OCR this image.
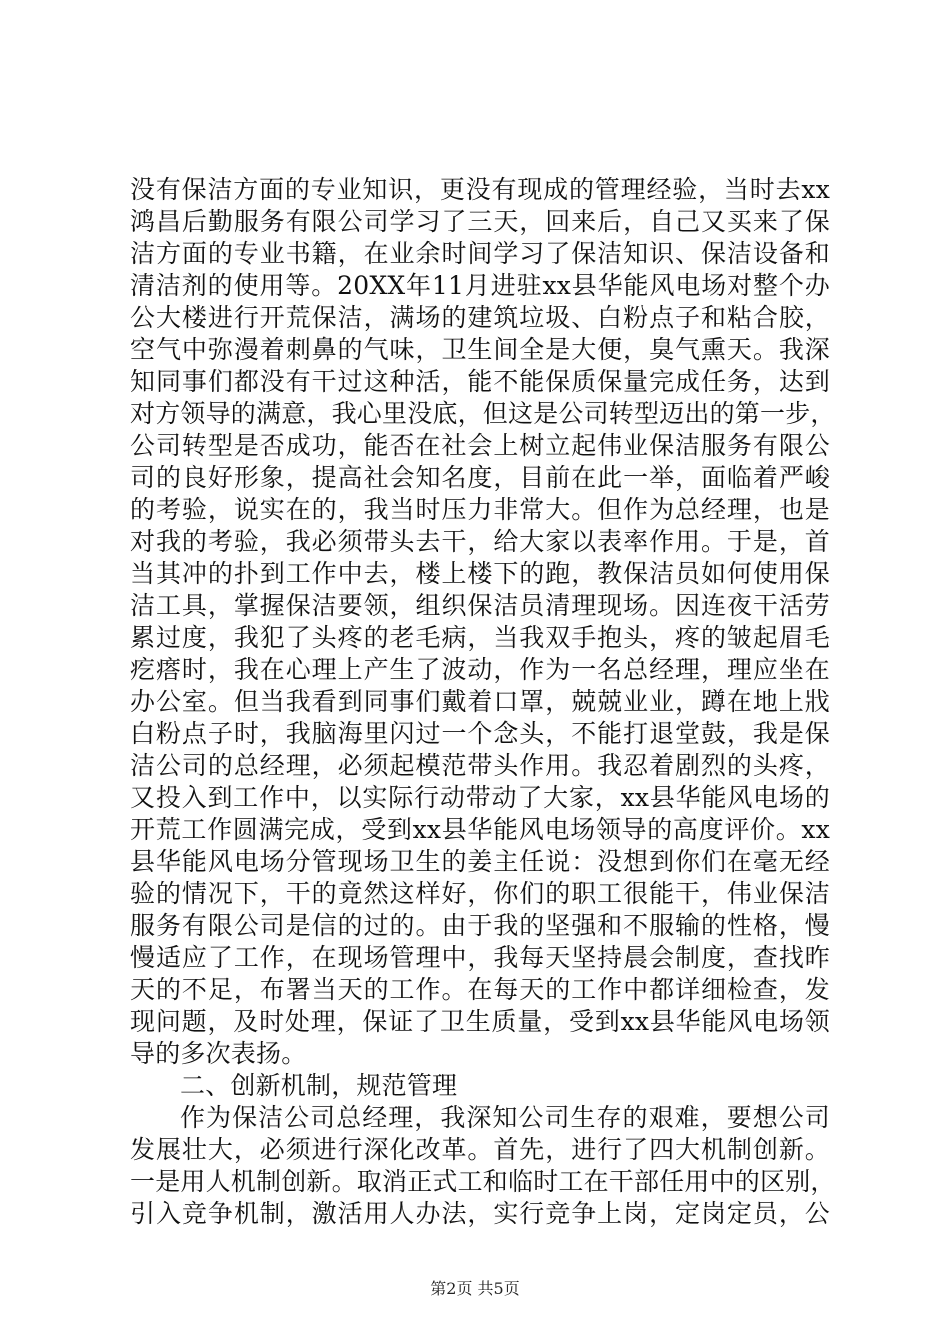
没有保洁方面的专业知识，更没有现成的管理经验，当时去xx
鸿昌后勤服务有限公司学习了三天，回来后，自己又买来了保
洁方面的专业书籍，在业余时间学习了保洁知识、保洁设备和
清洁剂的使用等。20XX年11月进驻xx县华能风电场对整个办
公大楼进行开荒保洁，满场的建筑垃圾、白粉点子和粘合胶，
空气中弥漫着刺鼻的气味，卫生间全是大便，臭气熏天。我深
知同事们都没有干过这种活，能不能保质保量完成任务，达到
对方领导的满意，我心里没底，但这是公司转型迈出的第一步，
公司转型是否成功，能否在社会上树立起伟业保洁服务有限公
司的良好形象，提高社会知名度，目前在此一举，面临着严峻
的考验，说实在的，我当时压力非常大。但作为总经理，也是
对我的考验，我必须带头去干，给大家以表率作用。于是，首
当其冲的扑到工作中去，楼上楼下的跑，教保洁员如何使用保
洁工具，掌握保洁要领，组织保洁员清理现场。因连夜干活劳
累过度，我犯了头疼的老毛病，当我双手抱头，疼的皱起眉毛
疙瘩时，我在心理上产生了波动，作为一名总经理，理应坐在
办公室。但当我看到同事们戴着口罩，兢兢业业，蹲在地上戕
白粉点子时，我脑海里闪过一个念头，不能打退堂鼓，我是保
洁公司的总经理，必须起模范带头作用。我忍着剧烈的头疼，
又投入到工作中，以实际行动带动了大家，xx县华能风电场的
开荒工作圆满完成，受到xx县华能风电场领导的高度评价。xx
县华能风电场分管现场卫生的姜主任说：没想到你们在毫无经
验的情况下，干的竟然这样好，你们的职工很能干，伟业保洁
服务有限公司是信的过的。由于我的坚强和不服输的性格，慢
慢适应了工作，在现场管理中，我每天坚持晨会制度，查找昨
天的不足，布署当天的工作。在每天的工作中都详细检查，发
现问题，及时处理，保证了卫生质量，受到xx县华能风电场领
导的多次表扬。
二、创新机制，规范管理
作为保洁公司总经理，我深知公司生存的艰难，要想公司
发展壮大，必须进行深化改革。首先，进行了四大机制创新。
一是用人机制创新。取消正式工和临时工在干部任用中的区别，
引入竞争机制，激活用人办法，实行竞争上岗，定岗定员，公
第2页 共5页
